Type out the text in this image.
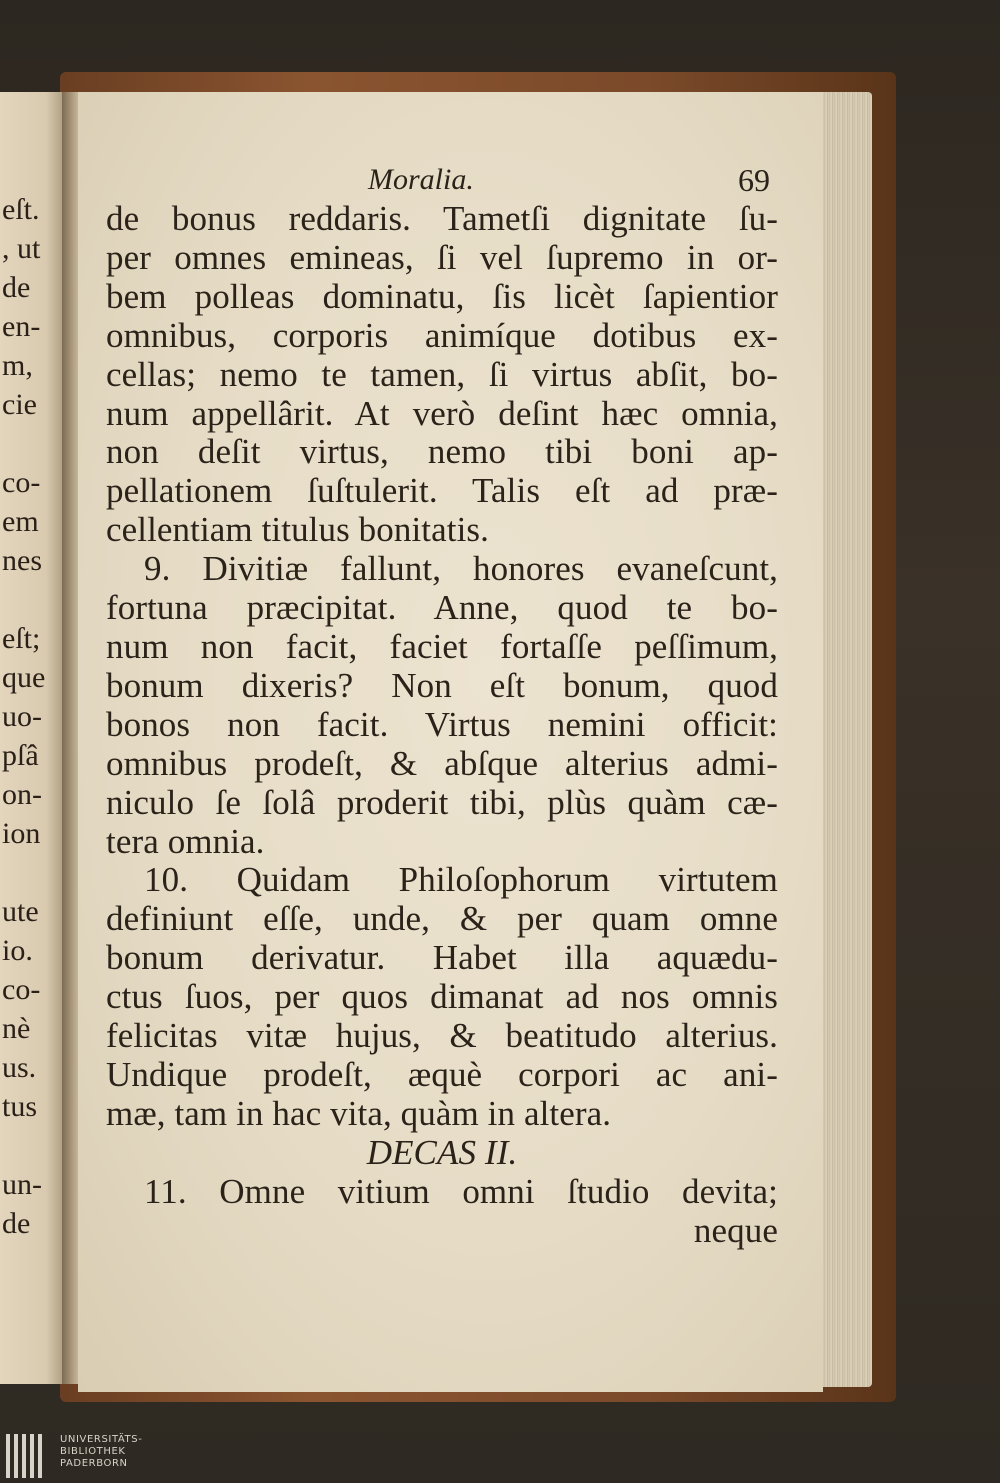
eſt.
, ut
de
en-
m,
cie
co-
em
nes
eſt;
que
uo-
pſâ
on-
ion
ute
io.
co-
nè
us.
tus
un-
de
Moralia.	69
de bonus reddaris. Tametſi dignitate ſu-
per omnes emineas, ſi vel ſupremo in or-
bem polleas dominatu, ſis licèt ſapientior
omnibus, corporis animíque dotibus ex-
cellas; nemo te tamen, ſi virtus abſit, bo-
num appellârit. At verò deſint hæc omnia,
non deſit virtus, nemo tibi boni ap-
pellationem ſuſtulerit. Talis eſt ad præ-
cellentiam titulus bonitatis.
9. Divitiæ fallunt, honores evaneſcunt,
fortuna præcipitat. Anne, quod te bo-
num non facit, faciet fortaſſe peſſimum,
bonum dixeris? Non eſt bonum, quod
bonos non facit. Virtus nemini officit:
omnibus prodeſt, & abſque alterius admi-
niculo ſe ſolâ proderit tibi, plùs quàm cæ-
tera omnia.
10. Quidam Philoſophorum virtutem
definiunt eſſe, unde, & per quam omne
bonum derivatur. Habet illa aquædu-
ctus ſuos, per quos dimanat ad nos omnis
felicitas vitæ hujus, & beatitudo alterius.
Undique prodeſt, æquè corpori ac ani-
mæ, tam in hac vita, quàm in altera.
DECAS II.
11. Omne vitium omni ſtudio devita;
neque
UNIVERSITÄTS-
BIBLIOTHEK
PADERBORN
